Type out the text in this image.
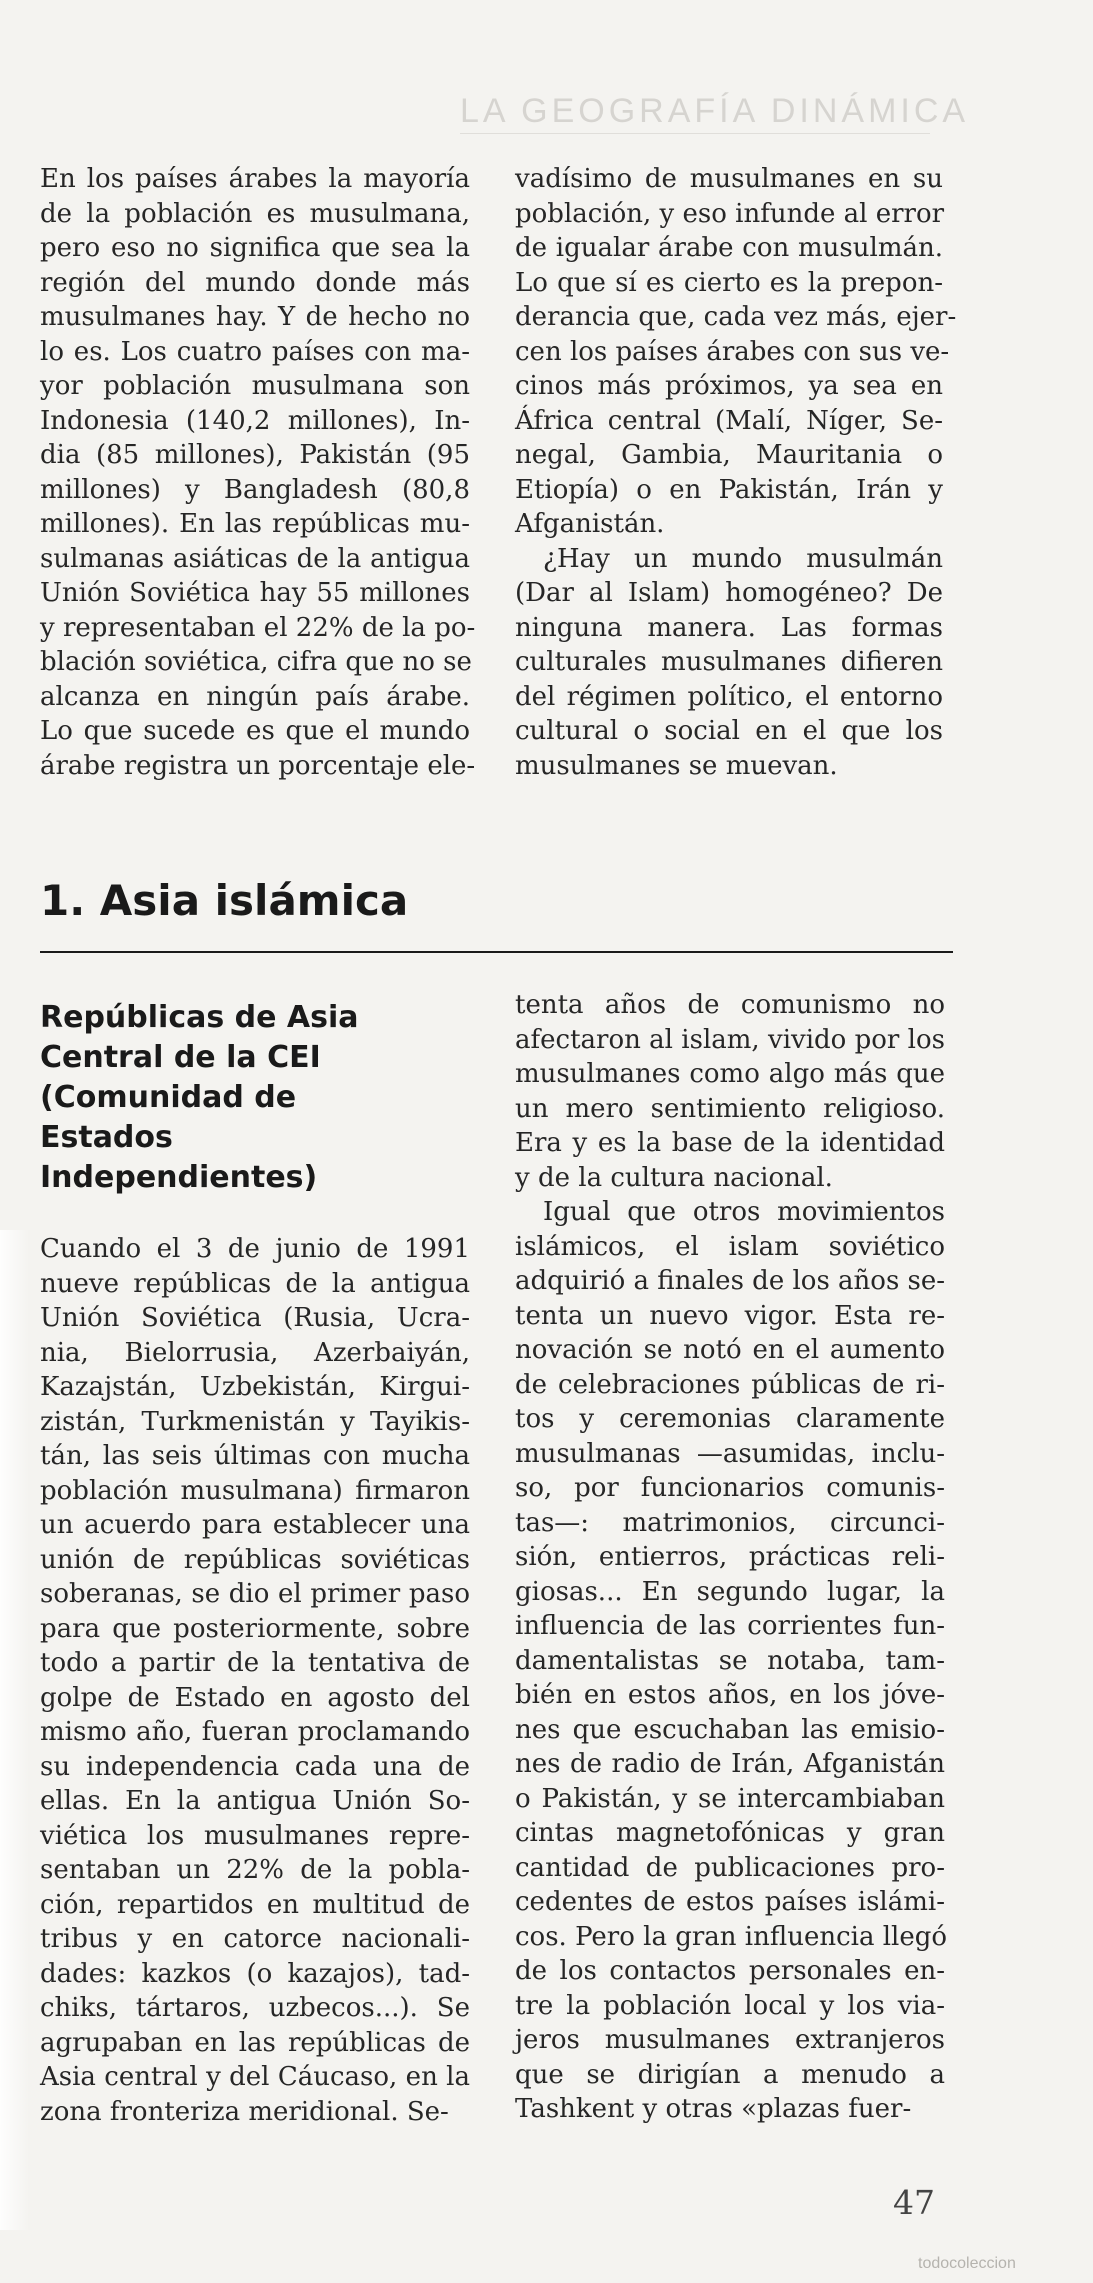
LA GEOGRAFÍA DINÁMICA
En los países árabes la mayoría
de la población es musulmana,
pero eso no significa que sea la
región del mundo donde más
musulmanes hay. Y de hecho no
lo es. Los cuatro países con ma-
yor población musulmana son
Indonesia (140,2 millones), In-
dia (85 millones), Pakistán (95
millones) y Bangladesh (80,8
millones). En las repúblicas mu-
sulmanas asiáticas de la antigua
Unión Soviética hay 55 millones
y representaban el 22% de la po-
blación soviética, cifra que no se
alcanza en ningún país árabe.
Lo que sucede es que el mundo
árabe registra un porcentaje ele-
vadísimo de musulmanes en su
población, y eso infunde al error
de igualar árabe con musulmán.
Lo que sí es cierto es la prepon-
derancia que, cada vez más, ejer-
cen los países árabes con sus ve-
cinos más próximos, ya sea en
África central (Malí, Níger, Se-
negal, Gambia, Mauritania o
Etiopía) o en Pakistán, Irán y
Afganistán.
¿Hay un mundo musulmán
(Dar al Islam) homogéneo? De
ninguna manera. Las formas
culturales musulmanes difieren
del régimen político, el entorno
cultural o social en el que los
musulmanes se muevan.
1. Asia islámica
Repúblicas de Asia
Central de la CEI
(Comunidad de
Estados
Independientes)
Cuando el 3 de junio de 1991
nueve repúblicas de la antigua
Unión Soviética (Rusia, Ucra-
nia, Bielorrusia, Azerbaiyán,
Kazajstán, Uzbekistán, Kirgui-
zistán, Turkmenistán y Tayikis-
tán, las seis últimas con mucha
población musulmana) firmaron
un acuerdo para establecer una
unión de repúblicas soviéticas
soberanas, se dio el primer paso
para que posteriormente, sobre
todo a partir de la tentativa de
golpe de Estado en agosto del
mismo año, fueran proclamando
su independencia cada una de
ellas. En la antigua Unión So-
viética los musulmanes repre-
sentaban un 22% de la pobla-
ción, repartidos en multitud de
tribus y en catorce nacionali-
dades: kazkos (o kazajos), tad-
chiks, tártaros, uzbecos...). Se
agrupaban en las repúblicas de
Asia central y del Cáucaso, en la
zona fronteriza meridional. Se-
tenta años de comunismo no
afectaron al islam, vivido por los
musulmanes como algo más que
un mero sentimiento religioso.
Era y es la base de la identidad
y de la cultura nacional.
Igual que otros movimientos
islámicos, el islam soviético
adquirió a finales de los años se-
tenta un nuevo vigor. Esta re-
novación se notó en el aumento
de celebraciones públicas de ri-
tos y ceremonias claramente
musulmanas —asumidas, inclu-
so, por funcionarios comunis-
tas—: matrimonios, circunci-
sión, entierros, prácticas reli-
giosas... En segundo lugar, la
influencia de las corrientes fun-
damentalistas se notaba, tam-
bién en estos años, en los jóve-
nes que escuchaban las emisio-
nes de radio de Irán, Afganistán
o Pakistán, y se intercambiaban
cintas magnetofónicas y gran
cantidad de publicaciones pro-
cedentes de estos países islámi-
cos. Pero la gran influencia llegó
de los contactos personales en-
tre la población local y los via-
jeros musulmanes extranjeros
que se dirigían a menudo a
Tashkent y otras «plazas fuer-
47
todocoleccion
